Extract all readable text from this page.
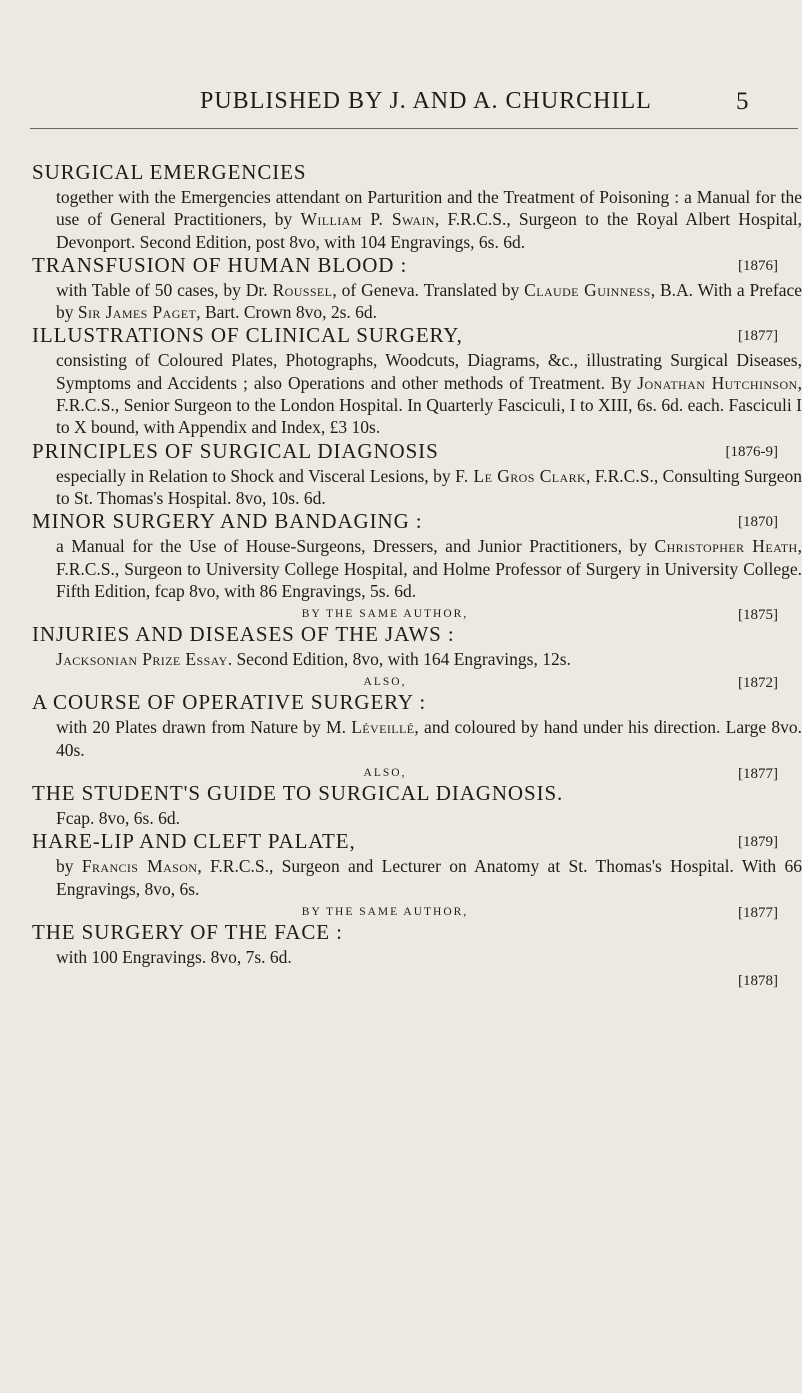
PUBLISHED BY J. AND A. CHURCHILL	5
SURGICAL EMERGENCIES
together with the Emergencies attendant on Parturition and the Treatment of Poisoning : a Manual for the use of General Practitioners, by William P. Swain, F.R.C.S., Surgeon to the Royal Albert Hospital, Devonport. Second Edition, post 8vo, with 104 Engravings, 6s. 6d.
[1876]
TRANSFUSION OF HUMAN BLOOD :
with Table of 50 cases, by Dr. Roussel, of Geneva. Translated by Claude Guinness, B.A. With a Preface by Sir James Paget, Bart. Crown 8vo, 2s. 6d.
[1877]
ILLUSTRATIONS OF CLINICAL SURGERY,
consisting of Coloured Plates, Photographs, Woodcuts, Diagrams, &c., illustrating Surgical Diseases, Symptoms and Accidents ; also Operations and other methods of Treatment. By Jonathan Hutchinson, F.R.C.S., Senior Surgeon to the London Hospital. In Quarterly Fasciculi, I to XIII, 6s. 6d. each. Fasciculi I to X bound, with Appendix and Index, £3 10s.
[1876-9]
PRINCIPLES OF SURGICAL DIAGNOSIS
especially in Relation to Shock and Visceral Lesions, by F. Le Gros Clark, F.R.C.S., Consulting Surgeon to St. Thomas's Hospital. 8vo, 10s. 6d.
[1870]
MINOR SURGERY AND BANDAGING :
a Manual for the Use of House-Surgeons, Dressers, and Junior Practitioners, by Christopher Heath, F.R.C.S., Surgeon to University College Hospital, and Holme Professor of Surgery in University College. Fifth Edition, fcap 8vo, with 86 Engravings, 5s. 6d.
[1875]
BY THE SAME AUTHOR,
INJURIES AND DISEASES OF THE JAWS :
Jacksonian Prize Essay. Second Edition, 8vo, with 164 Engravings, 12s.
[1872]
ALSO,
A COURSE OF OPERATIVE SURGERY :
with 20 Plates drawn from Nature by M. Léveillé, and coloured by hand under his direction. Large 8vo. 40s.
[1877]
ALSO,
THE STUDENT'S GUIDE TO SURGICAL DIAGNOSIS.
Fcap. 8vo, 6s. 6d.
[1879]
HARE-LIP AND CLEFT PALATE,
by Francis Mason, F.R.C.S., Surgeon and Lecturer on Anatomy at St. Thomas's Hospital. With 66 Engravings, 8vo, 6s.
[1877]
BY THE SAME AUTHOR,
THE SURGERY OF THE FACE :
with 100 Engravings. 8vo, 7s. 6d.
[1878]
